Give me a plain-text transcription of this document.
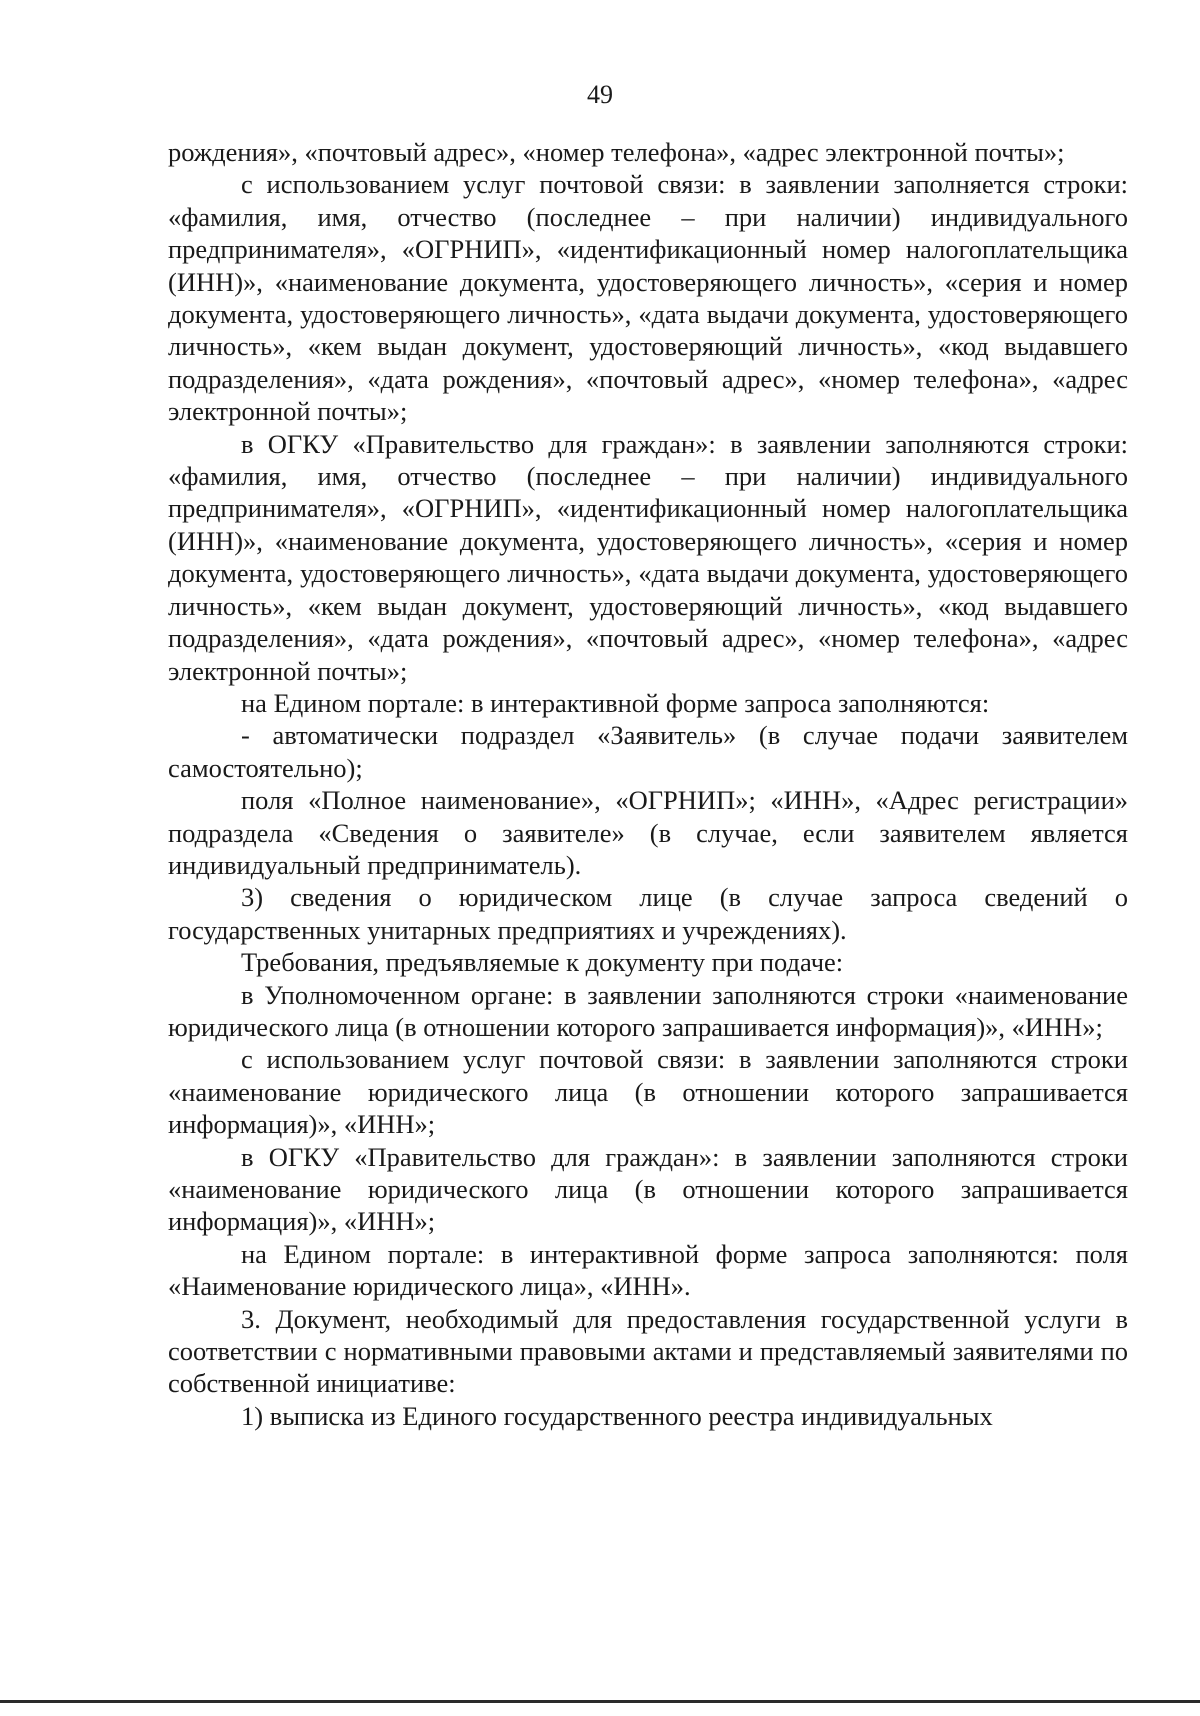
49

рождения», «почтовый адрес», «номер телефона», «адрес электронной почты»;

с использованием услуг почтовой связи: в заявлении заполняется строки: «фамилия, имя, отчество (последнее – при наличии) индивидуального предпринимателя», «ОГРНИП», «идентификационный номер налогоплательщика (ИНН)», «наименование документа, удостоверяющего личность», «серия и номер документа, удостоверяющего личность», «дата выдачи документа, удостоверяющего личность», «кем выдан документ, удостоверяющий личность», «код выдавшего подразделения», «дата рождения», «почтовый адрес», «номер телефона», «адрес электронной почты»;

в ОГКУ «Правительство для граждан»: в заявлении заполняются строки: «фамилия, имя, отчество (последнее – при наличии) индивидуального предпринимателя», «ОГРНИП», «идентификационный номер налогоплательщика (ИНН)», «наименование документа, удостоверяющего личность», «серия и номер документа, удостоверяющего личность», «дата выдачи документа, удостоверяющего личность», «кем выдан документ, удостоверяющий личность», «код выдавшего подразделения», «дата рождения», «почтовый адрес», «номер телефона», «адрес электронной почты»;

на Едином портале: в интерактивной форме запроса заполняются:

- автоматически подраздел «Заявитель» (в случае подачи заявителем самостоятельно);

поля «Полное наименование», «ОГРНИП»; «ИНН», «Адрес регистрации» подраздела «Сведения о заявителе» (в случае, если заявителем является индивидуальный предприниматель).

3) сведения о юридическом лице (в случае запроса сведений о государственных унитарных предприятиях и учреждениях).

Требования, предъявляемые к документу при подаче:

в Уполномоченном органе: в заявлении заполняются строки «наименование юридического лица (в отношении которого запрашивается информация)», «ИНН»;

с использованием услуг почтовой связи: в заявлении заполняются строки «наименование юридического лица (в отношении которого запрашивается информация)», «ИНН»;

в ОГКУ «Правительство для граждан»: в заявлении заполняются строки «наименование юридического лица (в отношении которого запрашивается информация)», «ИНН»;

на Едином портале: в интерактивной форме запроса заполняются: поля «Наименование юридического лица», «ИНН».

3. Документ, необходимый для предоставления государственной услуги в соответствии с нормативными правовыми актами и представляемый заявителями по собственной инициативе:

1) выписка из Единого государственного реестра индивидуальных
